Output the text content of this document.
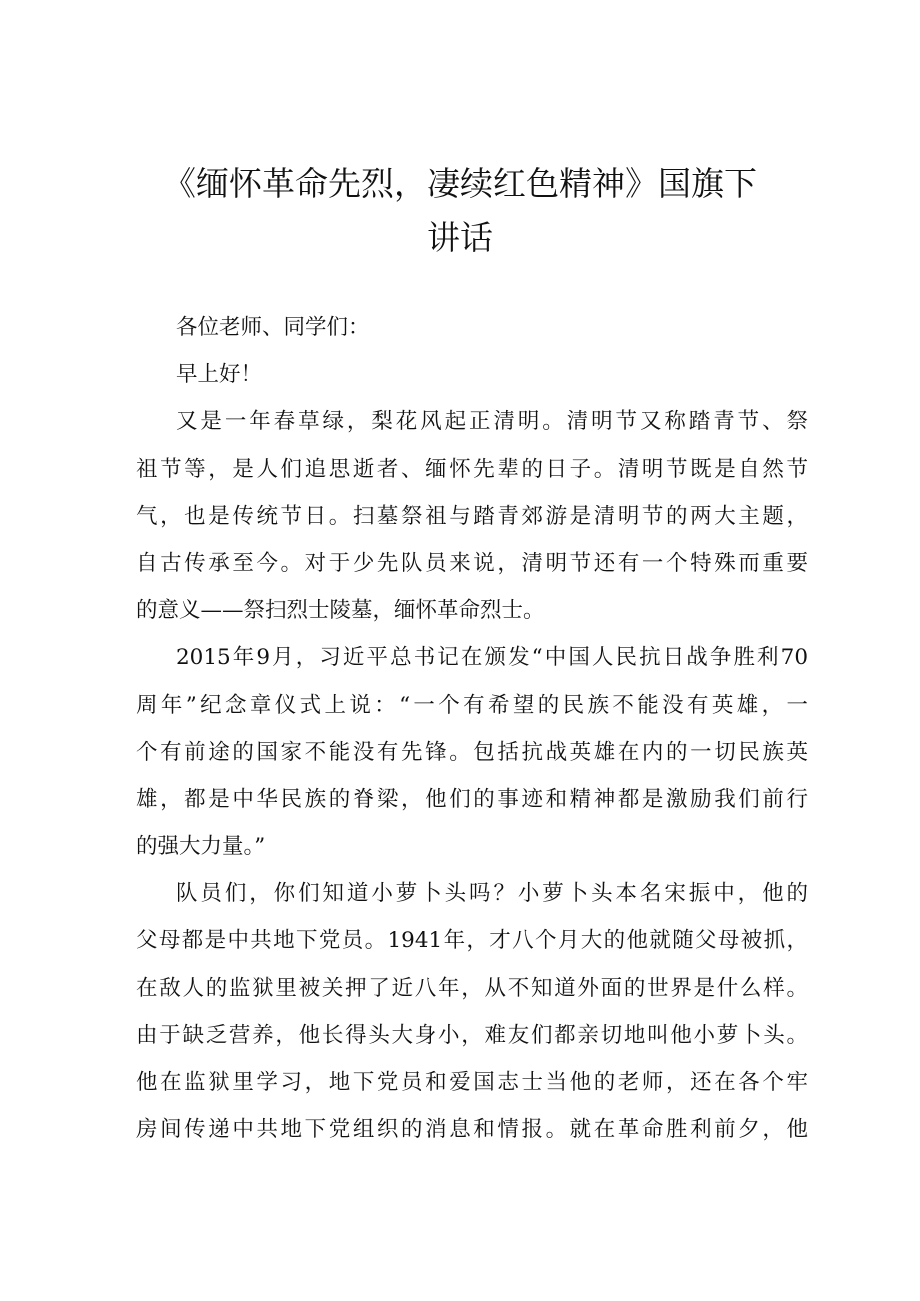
《缅怀革命先烈，凄续红色精神》国旗下
讲话
各位老师、同学们：
早上好！
又是一年春草绿，梨花风起正清明。清明节又称踏青节、祭
祖节等，是人们追思逝者、缅怀先辈的日子。清明节既是自然节
气，也是传统节日。扫墓祭祖与踏青郊游是清明节的两大主题，
自古传承至今。对于少先队员来说，清明节还有一个特殊而重要
的意义——祭扫烈士陵墓，缅怀革命烈士。
2015年9月，习近平总书记在颁发“中国人民抗日战争胜利70
周年”纪念章仪式上说：“一个有希望的民族不能没有英雄，一
个有前途的国家不能没有先锋。包括抗战英雄在内的一切民族英
雄，都是中华民族的脊梁，他们的事迹和精神都是激励我们前行
的强大力量。”
队员们，你们知道小萝卜头吗？小萝卜头本名宋振中，他的
父母都是中共地下党员。1941年，才八个月大的他就随父母被抓，
在敌人的监狱里被关押了近八年，从不知道外面的世界是什么样。
由于缺乏营养，他长得头大身小，难友们都亲切地叫他小萝卜头。
他在监狱里学习，地下党员和爱国志士当他的老师，还在各个牢
房间传递中共地下党组织的消息和情报。就在革命胜利前夕，他
